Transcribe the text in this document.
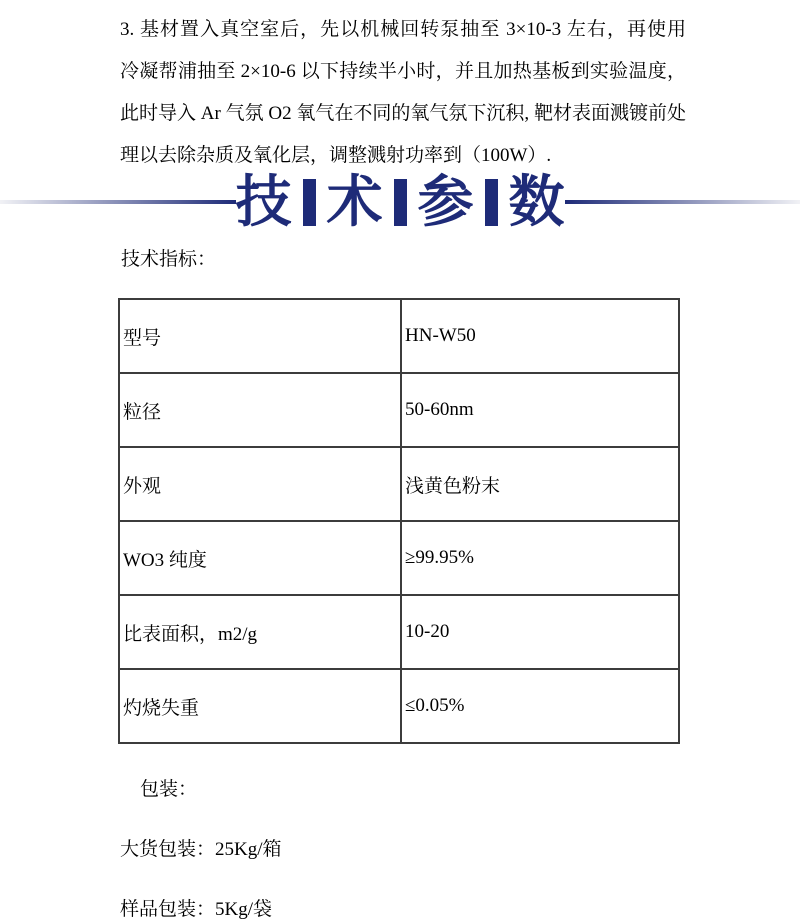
3. 基材置入真空室后，先以机械回转泵抽至 3×10-3 左右，再使用
冷凝帮浦抽至 2×10-6 以下持续半小时，并且加热基板到实验温度，
此时导入 Ar 气氛 O2 氧气在不同的氧气氛下沉积, 靶材表面溅镀前处
理以去除杂质及氧化层，调整溅射功率到（100W）.
技 术 参 数
技术指标：
型号	HN-W50
粒径	50-60nm
外观	浅黄色粉末
WO3 纯度	≥99.95%
比表面积，m2/g	10-20
灼烧失重	≤0.05%
包装：
大货包装：25Kg/箱
样品包装：5Kg/袋
